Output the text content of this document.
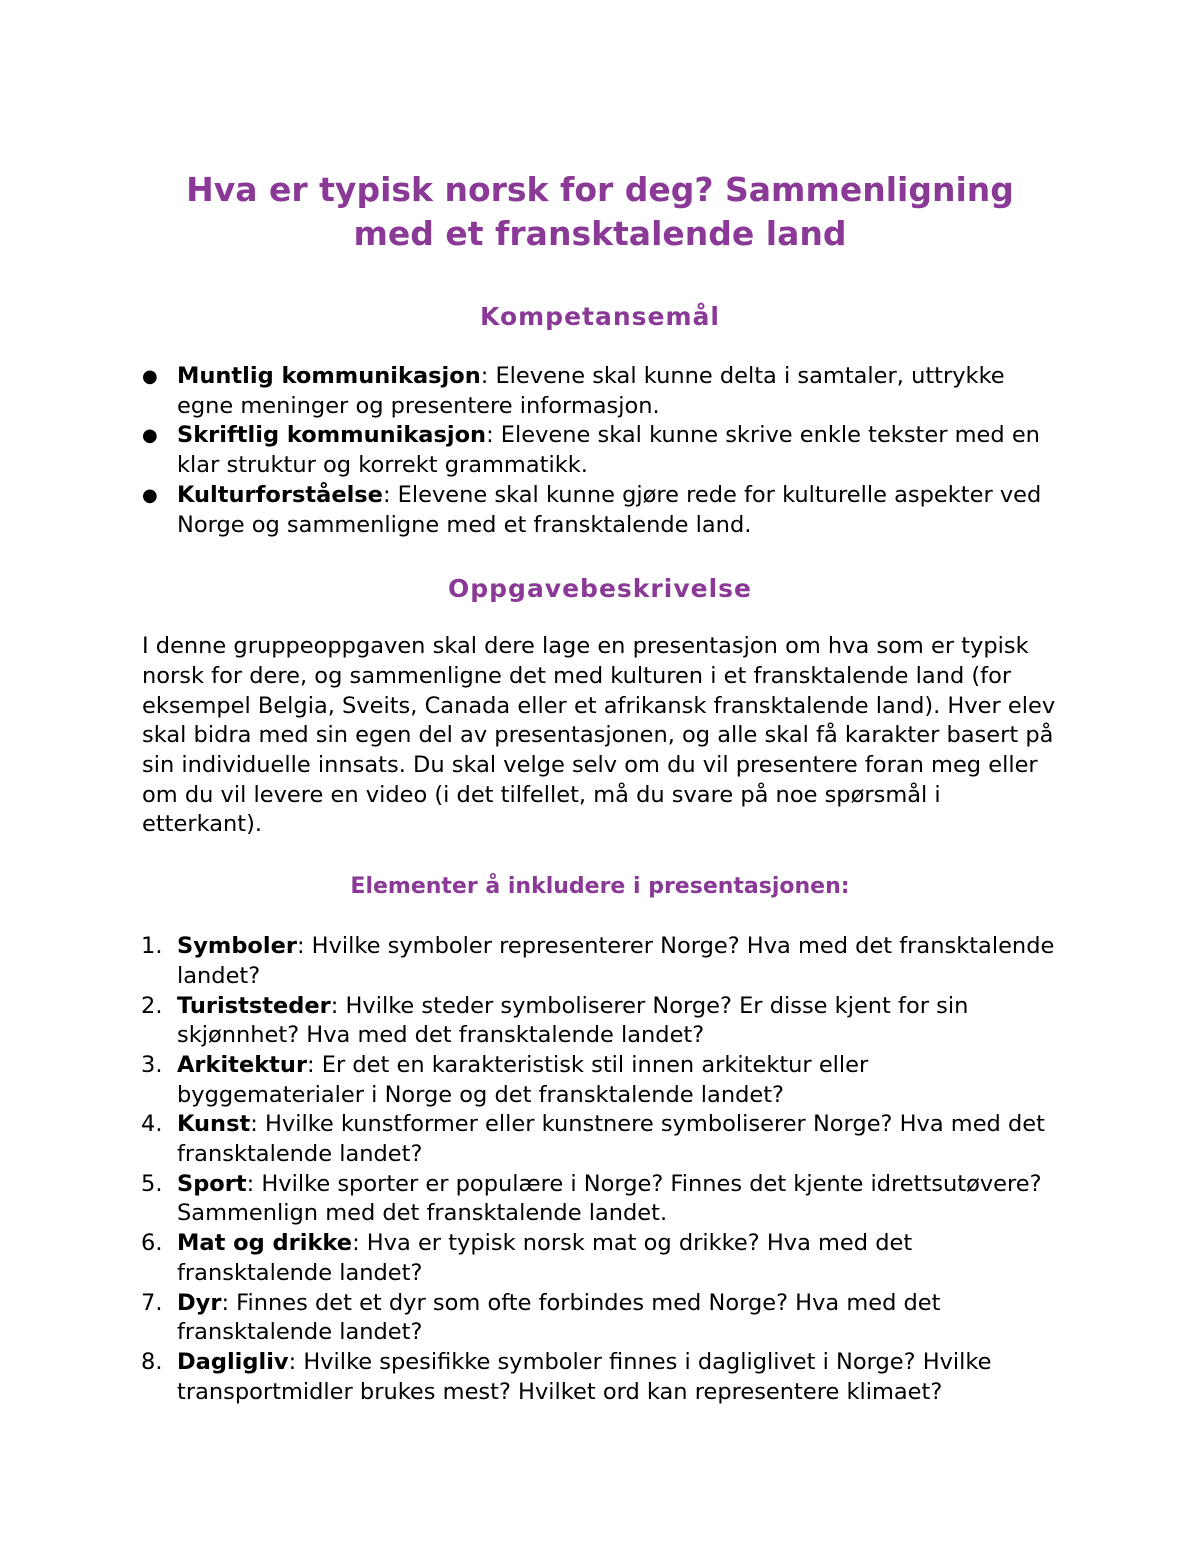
Hva er typisk norsk for deg? Sammenligning med et fransktalende land
Kompetansemål
● Muntlig kommunikasjon: Elevene skal kunne delta i samtaler, uttrykke egne meninger og presentere informasjon.
● Skriftlig kommunikasjon: Elevene skal kunne skrive enkle tekster med en klar struktur og korrekt grammatikk.
● Kulturforståelse: Elevene skal kunne gjøre rede for kulturelle aspekter ved Norge og sammenligne med et fransktalende land.
Oppgavebeskrivelse

I denne gruppeoppgaven skal dere lage en presentasjon om hva som er typisk norsk for dere, og sammenligne det med kulturen i et fransktalende land (for eksempel Belgia, Sveits, Canada eller et afrikansk fransktalende land). Hver elev skal bidra med sin egen del av presentasjonen, og alle skal få karakter basert på sin individuelle innsats. Du skal velge selv om du vil presentere foran meg eller om du vil levere en video (i det tilfellet, må du svare på noe spørsmål i etterkant).

Elementer å inkludere i presentasjonen:
1. Symboler: Hvilke symboler representerer Norge? Hva med det fransktalende landet?
2. Turiststeder: Hvilke steder symboliserer Norge? Er disse kjent for sin skjønnhet? Hva med det fransktalende landet?
3. Arkitektur: Er det en karakteristisk stil innen arkitektur eller byggematerialer i Norge og det fransktalende landet?
4. Kunst: Hvilke kunstformer eller kunstnere symboliserer Norge? Hva med det fransktalende landet?
5. Sport: Hvilke sporter er populære i Norge? Finnes det kjente idrettsutøvere? Sammenlign med det fransktalende landet.
6. Mat og drikke: Hva er typisk norsk mat og drikke? Hva med det fransktalende landet?
7. Dyr: Finnes det et dyr som ofte forbindes med Norge? Hva med det fransktalende landet?
8. Dagligliv: Hvilke spesifikke symboler finnes i dagliglivet i Norge? Hvilke transportmidler brukes mest? Hvilket ord kan representere klimaet?
